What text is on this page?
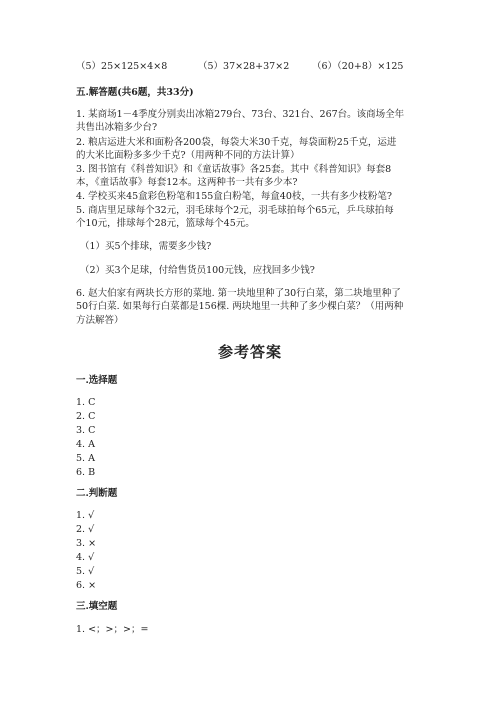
（5）25×125×4×8	（5）37×28+37×2 （6）（20+8）×125
五.解答题(共6题，共33分)

1. 某商场1－4季度分别卖出冰箱279台、73台、321台、267台。该商场全年

共售出冰箱多少台?

2. 粮店运进大米和面粉各200袋，每袋大米30千克，每袋面粉25千克，运进

的大米比面粉多多少千克?（用两种不同的方法计算）

3. 图书馆有《科普知识》和《童话故事》各25套。其中《科普知识》每套8

本，《童话故事》每套12本。这两种书一共有多少本?

4. 学校买来45盒彩色粉笔和155盒白粉笔，每盒40枝，一共有多少枝粉笔?

5. 商店里足球每个32元，羽毛球每个2元，羽毛球拍每个65元，乒乓球拍每

个10元，排球每个28元，篮球每个45元。

（1）买5个排球，需要多少钱?
（2）买3个足球，付给售货员100元钱，应找回多少钱?

6. 赵大伯家有两块长方形的菜地. 第一块地里种了30行白菜，第二块地里种了

50行白菜. 如果每行白菜都是156棵. 两块地里一共种了多少棵白菜？（用两种

方法解答）

参考答案
一.选择题
1. C
2. C
3. C
4. A
5. A
6. B
二.判断题
1. √
2. √
3. ×
4. √
5. √
6. ×
三.填空题
1. <；>；>；=
